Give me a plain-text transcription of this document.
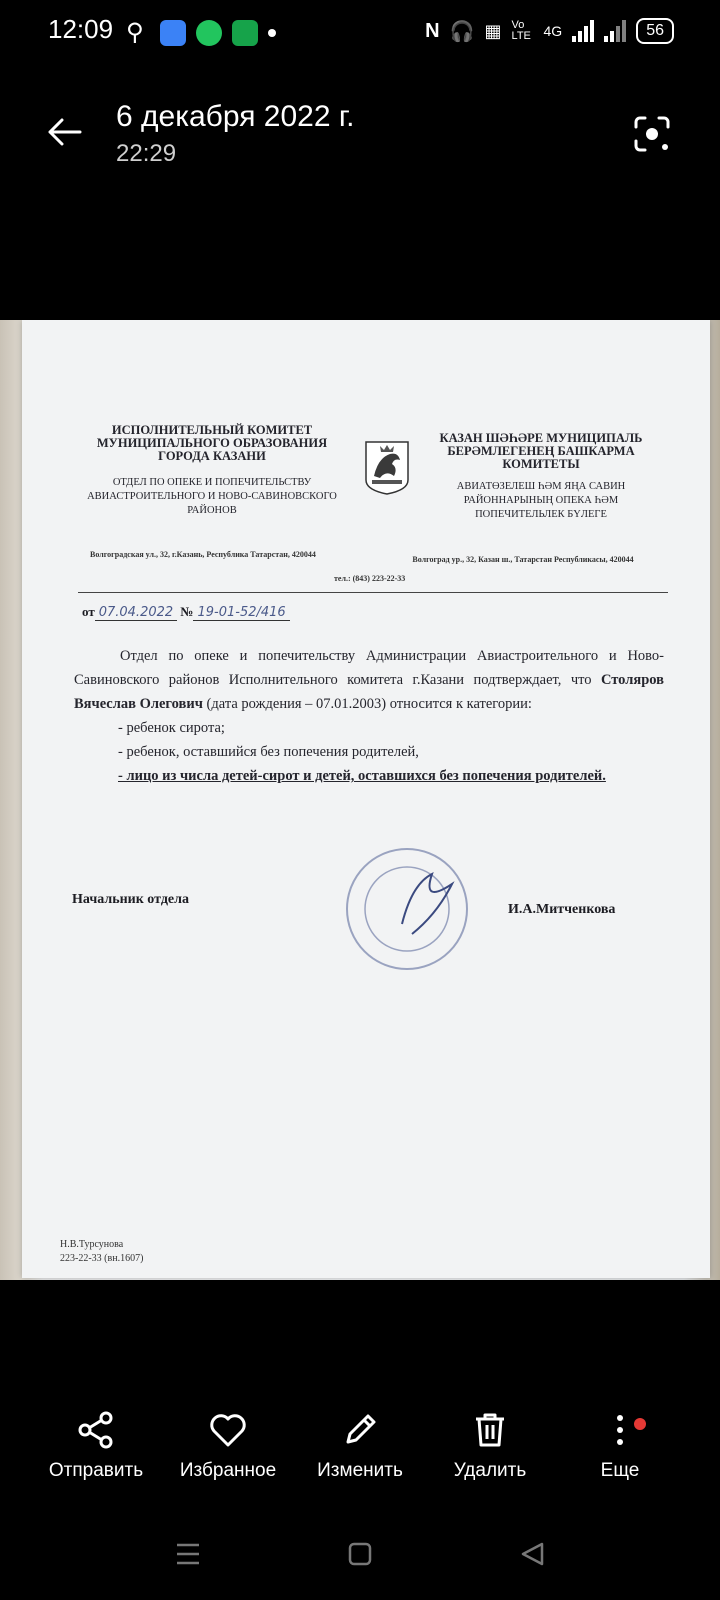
12:09 ⚲	N 🎧 ▦ Vo LTE 4G	56
6 декабря 2022 г.
22:29
ИСПОЛНИТЕЛЬНЫЙ КОМИТЕТ МУНИЦИПАЛЬНОГО ОБРАЗОВАНИЯ ГОРОДА КАЗАНИ
ОТДЕЛ ПО ОПЕКЕ И ПОПЕЧИТЕЛЬСТВУ АВИАСТРОИТЕЛЬНОГО И НОВО-САВИНОВСКОГО РАЙОНОВ
КАЗАН ШӘҺӘРЕ МУНИЦИПАЛЬ БЕРӘМЛЕГЕНЕҢ БАШКАРМА КОМИТЕТЫ
АВИАТӨЗЕЛЕШ ҺӘМ ЯҢА САВИН РАЙОННАРЫНЫҢ ОПЕКА ҺӘМ ПОПЕЧИТЕЛЬЛЕК БҮЛЕГЕ
Волгоградская ул., 32, г.Казань, Республика Татарстан, 420044
Волгоград ур., 32, Казан ш., Татарстан Республикасы, 420044
тел.: (843) 223-22-33
от 07.04.2022 № 19-01-52/416

Отдел по опеке и попечительству Администрации Авиастроительного и Ново-Савиновского районов Исполнительного комитета г.Казани подтверждает, что Столяров Вячеслав Олегович (дата рождения – 07.01.2003) относится к категории:

- ребенок сирота;
- ребенок, оставшийся без попечения родителей,
- лицо из числа детей-сирот и детей, оставшихся без попечения родителей.
Начальник отдела
И.А.Митченкова
Н.В.Турсунова
223-22-33 (вн.1607)
Отправить	Избранное	Изменить	Удалить	Еще
